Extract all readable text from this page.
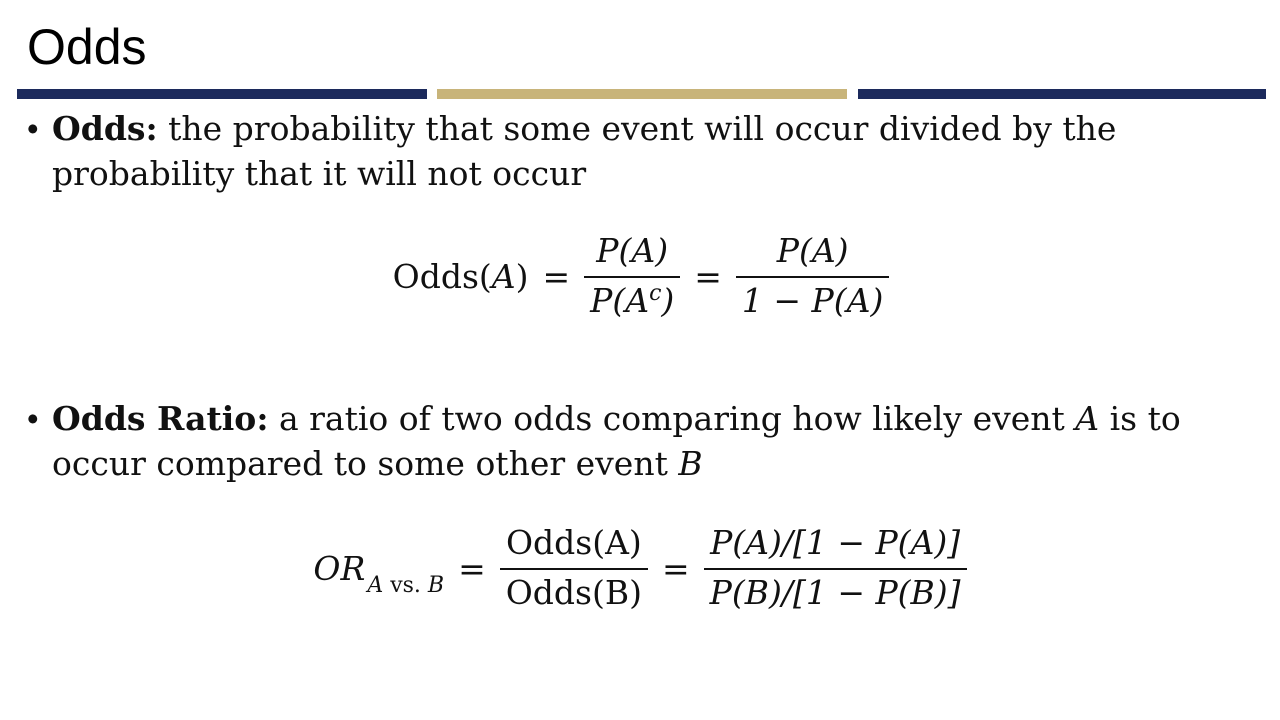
Odds
• Odds: the probability that some event will occur divided by the probability that it will not occur
Odds(A) = $\frac{P(A)}{P(A^c)} = \frac{P(A)}{1 - P(A)}$
• Odds Ratio: a ratio of two odds comparing how likely event A is to occur compared to some other event B
$OR_{A vs. B} = \frac{\text{Odds(A)}}{\text{Odds(B)}} = \frac{P(A)/[1 - P(A)]}{P(B)/[1 - P(B)]}$
